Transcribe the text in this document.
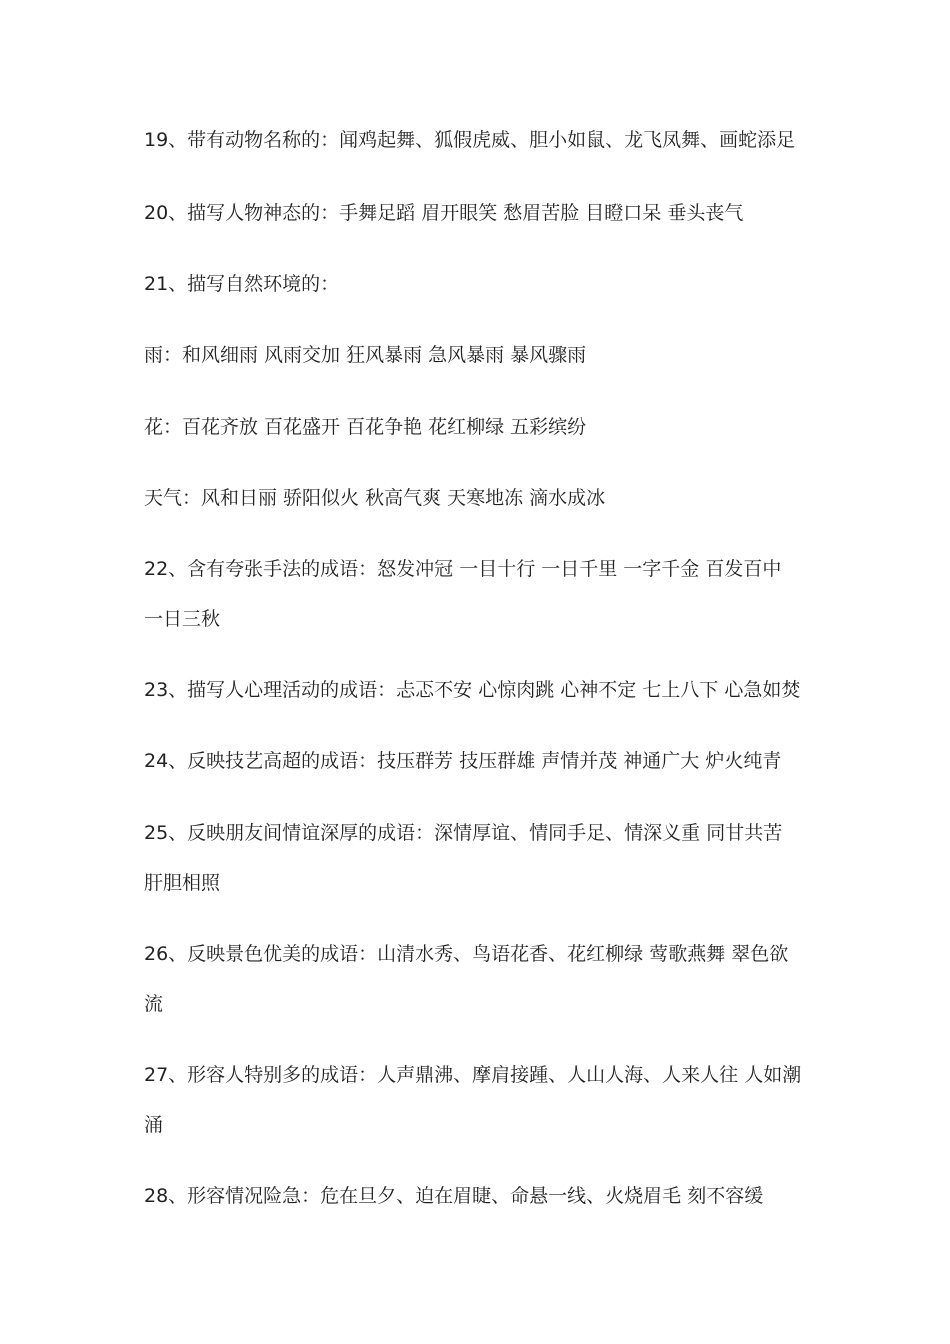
19、带有动物名称的：闻鸡起舞、狐假虎威、胆小如鼠、龙飞凤舞、画蛇添足

20、描写人物神态的：手舞足蹈 眉开眼笑 愁眉苦脸 目瞪口呆 垂头丧气

21、描写自然环境的：

雨：和风细雨 风雨交加 狂风暴雨 急风暴雨 暴风骤雨

花：百花齐放 百花盛开 百花争艳 花红柳绿 五彩缤纷

天气：风和日丽 骄阳似火 秋高气爽 天寒地冻 滴水成冰

22、含有夸张手法的成语：怒发冲冠 一目十行 一日千里 一字千金 百发百中

一日三秋

23、描写人心理活动的成语：忐忑不安 心惊肉跳 心神不定 七上八下 心急如焚

24、反映技艺高超的成语：技压群芳 技压群雄 声情并茂 神通广大 炉火纯青

25、反映朋友间情谊深厚的成语：深情厚谊、情同手足、情深义重 同甘共苦

肝胆相照

26、反映景色优美的成语：山清水秀、鸟语花香、花红柳绿 莺歌燕舞 翠色欲

流

27、形容人特别多的成语：人声鼎沸、摩肩接踵、人山人海、人来人往 人如潮

涌

28、形容情况险急：危在旦夕、迫在眉睫、命悬一线、火烧眉毛 刻不容缓
